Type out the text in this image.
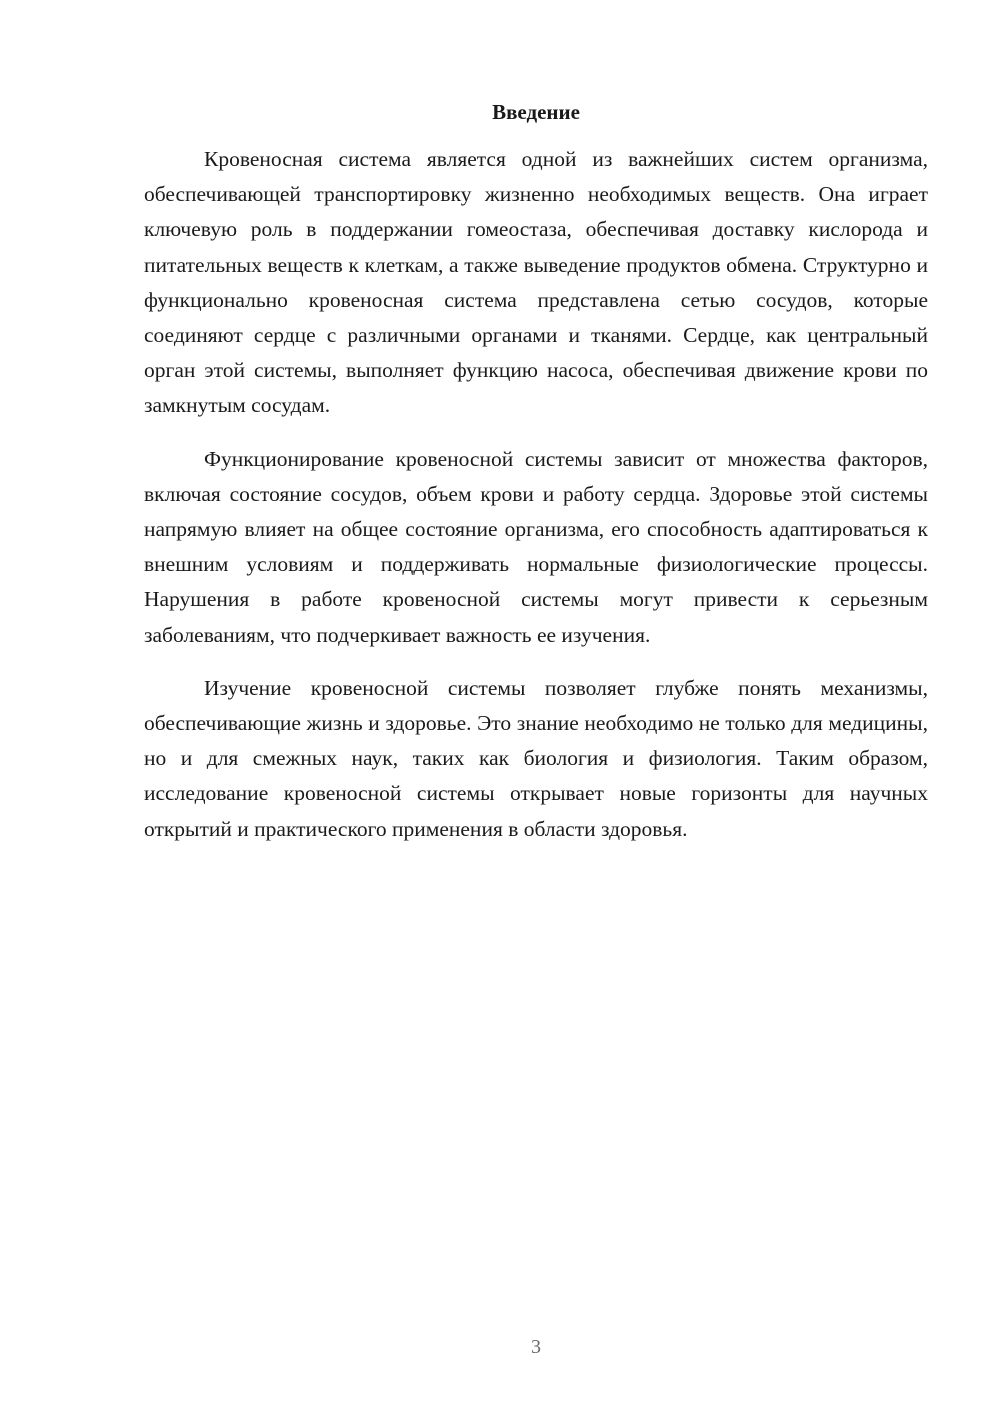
Введение

Кровеносная система является одной из важнейших систем организма, обеспечивающей транспортировку жизненно необходимых веществ. Она играет ключевую роль в поддержании гомеостаза, обеспечивая доставку кислорода и питательных веществ к клеткам, а также выведение продуктов обмена. Структурно и функционально кровеносная система представлена сетью сосудов, которые соединяют сердце с различными органами и тканями. Сердце, как центральный орган этой системы, выполняет функцию насоса, обеспечивая движение крови по замкнутым сосудам.

Функционирование кровеносной системы зависит от множества факторов, включая состояние сосудов, объем крови и работу сердца. Здоровье этой системы напрямую влияет на общее состояние организма, его способность адаптироваться к внешним условиям и поддерживать нормальные физиологические процессы. Нарушения в работе кровеносной системы могут привести к серьезным заболеваниям, что подчеркивает важность ее изучения.

Изучение кровеносной системы позволяет глубже понять механизмы, обеспечивающие жизнь и здоровье. Это знание необходимо не только для медицины, но и для смежных наук, таких как биология и физиология. Таким образом, исследование кровеносной системы открывает новые горизонты для научных открытий и практического применения в области здоровья.

3
